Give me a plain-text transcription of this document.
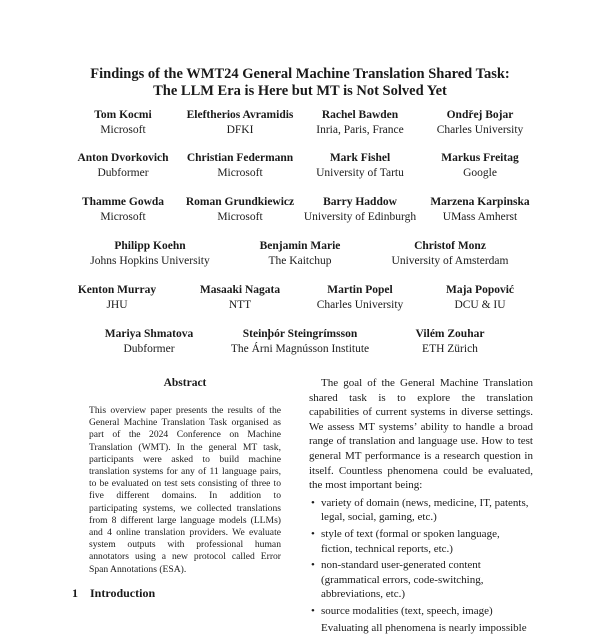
Findings of the WMT24 General Machine Translation Shared Task:
The LLM Era is Here but MT is Not Solved Yet
Tom Kocmi
Microsoft
Eleftherios Avramidis
DFKI
Rachel Bawden
Inria, Paris, France
Ondřej Bojar
Charles University
Anton Dvorkovich
Dubformer
Christian Federmann
Microsoft
Mark Fishel
University of Tartu
Markus Freitag
Google
Thamme Gowda
Microsoft
Roman Grundkiewicz
Microsoft
Barry Haddow
University of Edinburgh
Marzena Karpinska
UMass Amherst
Philipp Koehn
Johns Hopkins University
Benjamin Marie
The Kaitchup
Christof Monz
University of Amsterdam
Kenton Murray
JHU
Masaaki Nagata
NTT
Martin Popel
Charles University
Maja Popović
DCU & IU
Mariya Shmatova
Dubformer
Steinþór Steingrímsson
The Árni Magnússon Institute
Vilém Zouhar
ETH Zürich
Abstract

This overview paper presents the results of the General Machine Translation Task organised as part of the 2024 Conference on Machine Translation (WMT). In the general MT task, participants were asked to build machine translation systems for any of 11 language pairs, to be evaluated on test sets consisting of three to five different domains. In addition to participating systems, we collected translations from 8 different large language models (LLMs) and 4 online translation providers. We evaluate system outputs with professional human annotators using a new protocol called Error Span Annotations (ESA).

1 Introduction

The goal of the General Machine Translation shared task is to explore the translation capabilities of current systems in diverse settings. We assess MT systems’ ability to handle a broad range of translation and language use. How to test general MT performance is a research question in itself. Countless phenomena could be evaluated, the most important being:

• variety of domain (news, medicine, IT, patents, legal, social, gaming, etc.)
• style of text (formal or spoken language, fiction, technical reports, etc.)
• non-standard user-generated content (grammatical errors, code-switching, abbreviations, etc.)
• source modalities (text, speech, image)

Evaluating all phenomena is nearly impossible
